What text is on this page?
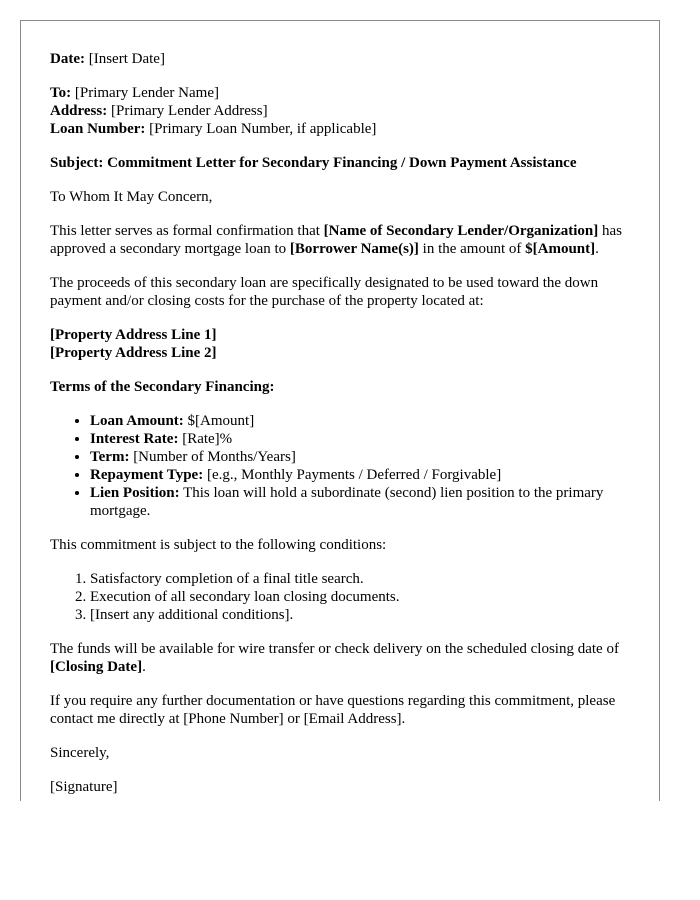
Date: [Insert Date]

To: [Primary Lender Name]
Address: [Primary Lender Address]
Loan Number: [Primary Loan Number, if applicable]

Subject: Commitment Letter for Secondary Financing / Down Payment Assistance

To Whom It May Concern,

This letter serves as formal confirmation that [Name of Secondary Lender/Organization] has approved a secondary mortgage loan to [Borrower Name(s)] in the amount of $[Amount].

The proceeds of this secondary loan are specifically designated to be used toward the down payment and/or closing costs for the purchase of the property located at:

[Property Address Line 1]
[Property Address Line 2]

Terms of the Secondary Financing:

• Loan Amount: $[Amount]
• Interest Rate: [Rate]%
• Term: [Number of Months/Years]
• Repayment Type: [e.g., Monthly Payments / Deferred / Forgivable]
• Lien Position: This loan will hold a subordinate (second) lien position to the primary mortgage.

This commitment is subject to the following conditions:

1. Satisfactory completion of a final title search.
2. Execution of all secondary loan closing documents.
3. [Insert any additional conditions].

The funds will be available for wire transfer or check delivery on the scheduled closing date of [Closing Date].

If you require any further documentation or have questions regarding this commitment, please contact me directly at [Phone Number] or [Email Address].

Sincerely,

[Signature]
